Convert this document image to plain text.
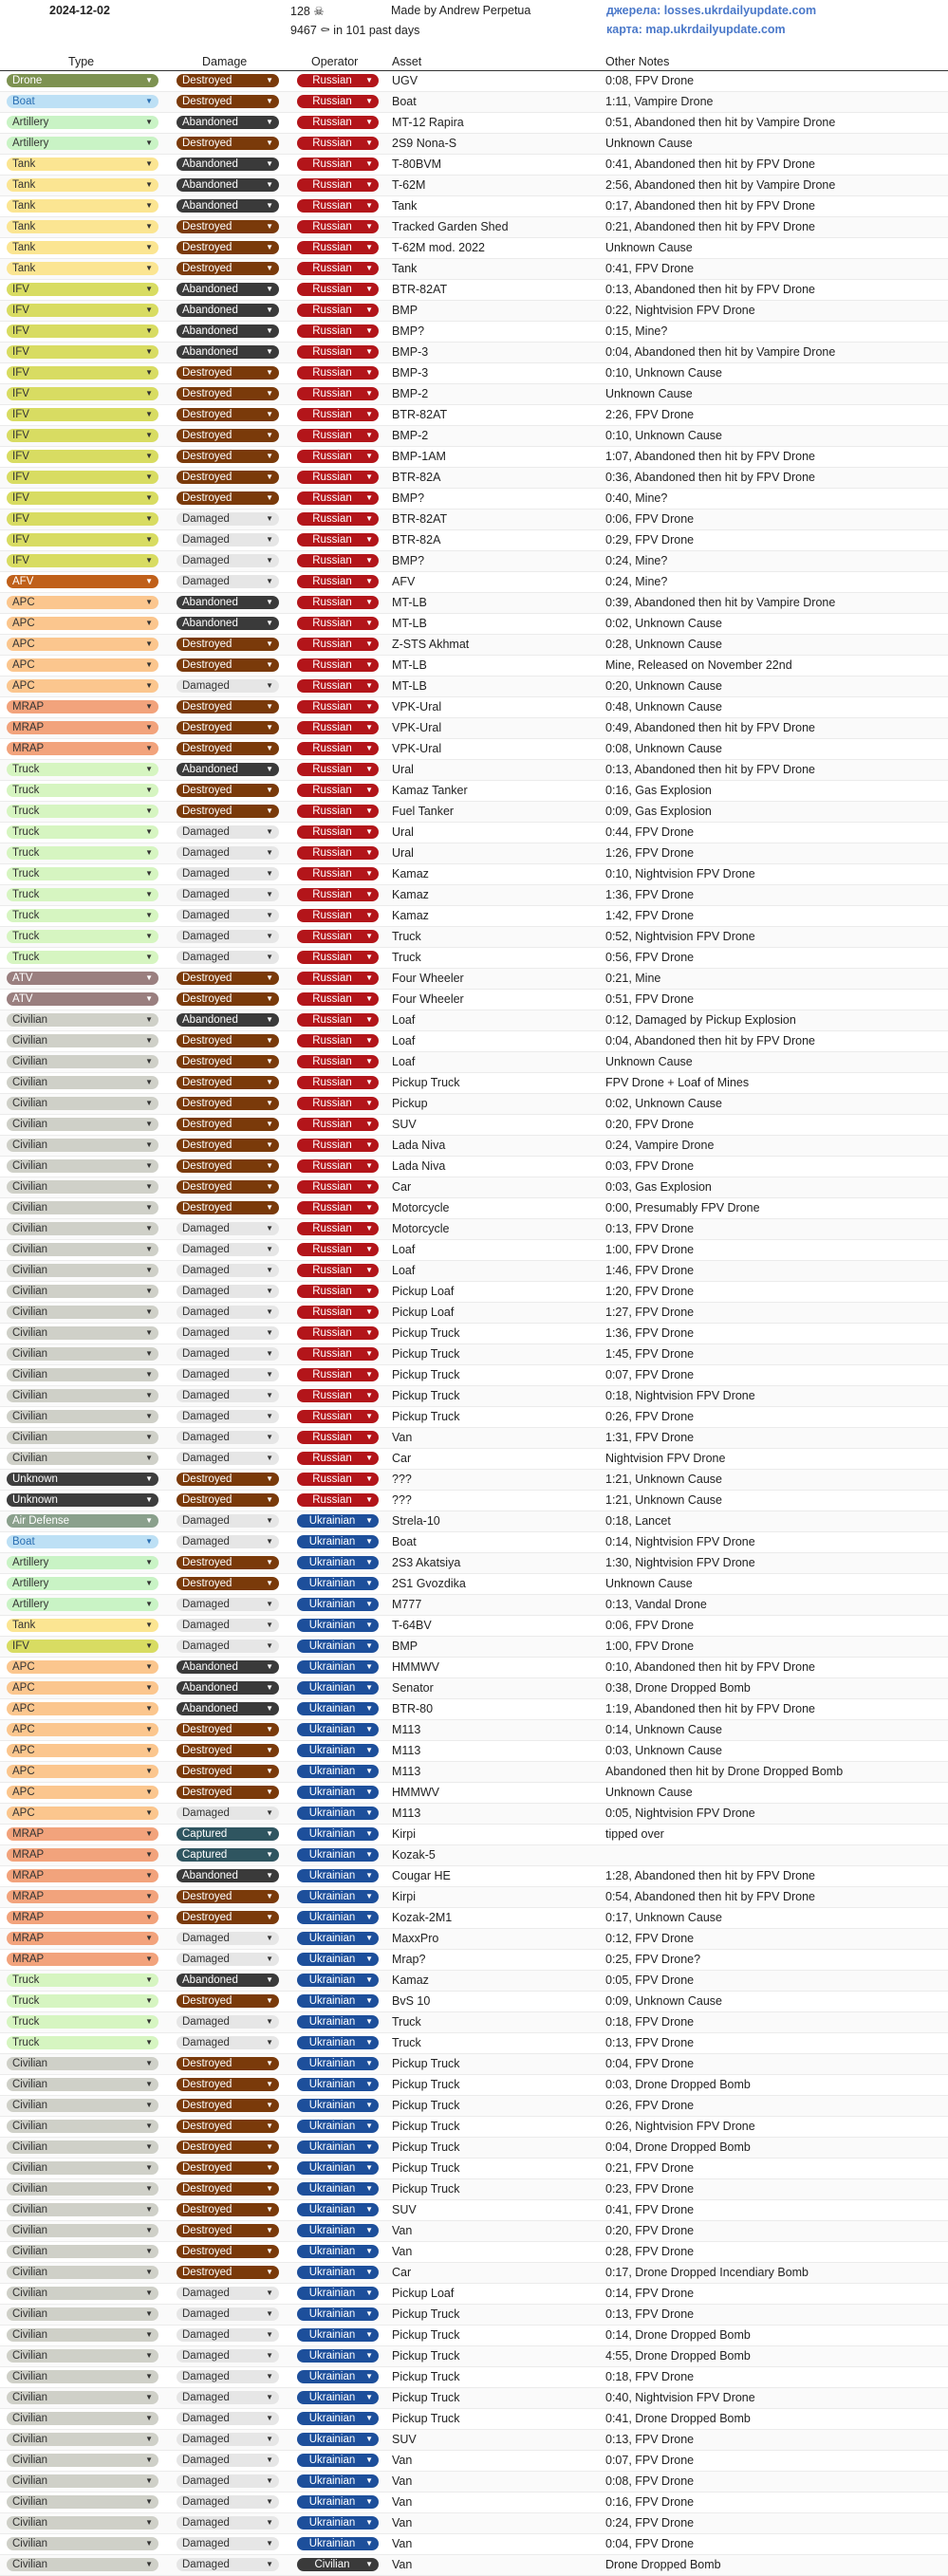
2024-12-02	128 ☠
9467 ⚰ in 101 past days
Made by Andrew Perpetua	джерела: losses.ukrdailyupdate.com
карта: map.ukrdailyupdate.com
Type	Damage	Operator	Asset	Other Notes
Drone	▼	Destroyed	▼	Russian ▼ UGV	0:08, FPV Drone
Boat	▼	Destroyed	▼	Russian ▼ Boat	1:11, Vampire Drone
Artillery	▼	Abandoned	▼	Russian ▼ MT-12 Rapira	0:51, Abandoned then hit by Vampire Drone
Artillery	▼	Destroyed	▼	Russian ▼ 2S9 Nona-S	Unknown Cause
Tank	▼	Abandoned	▼	Russian ▼ T-80BVM	0:41, Abandoned then hit by FPV Drone
Tank	▼	Abandoned	▼	Russian ▼ T-62M	2:56, Abandoned then hit by Vampire Drone
Tank	▼	Abandoned	▼	Russian ▼ Tank	0:17, Abandoned then hit by FPV Drone
Tank	▼	Destroyed	▼	Russian ▼ Tracked Garden Shed	0:21, Abandoned then hit by FPV Drone
Tank	▼	Destroyed	▼	Russian ▼ T-62M mod. 2022	Unknown Cause
Tank	▼	Destroyed	▼	Russian ▼ Tank	0:41, FPV Drone
IFV	▼	Abandoned	▼	Russian ▼ BTR-82AT	0:13, Abandoned then hit by FPV Drone
IFV	▼	Abandoned	▼	Russian ▼ BMP	0:22, Nightvision FPV Drone
IFV	▼	Abandoned	▼	Russian ▼ BMP?	0:15, Mine?
IFV	▼	Abandoned	▼	Russian ▼ BMP-3	0:04, Abandoned then hit by Vampire Drone
IFV	▼	Destroyed	▼	Russian ▼ BMP-3	0:10, Unknown Cause
IFV	▼	Destroyed	▼	Russian ▼ BMP-2	Unknown Cause
IFV	▼	Destroyed	▼	Russian ▼ BTR-82AT	2:26, FPV Drone
IFV	▼	Destroyed	▼	Russian ▼ BMP-2	0:10, Unknown Cause
IFV	▼	Destroyed	▼	Russian ▼ BMP-1AM	1:07, Abandoned then hit by FPV Drone
IFV	▼	Destroyed	▼	Russian ▼ BTR-82A	0:36, Abandoned then hit by FPV Drone
IFV	▼	Destroyed	▼	Russian ▼ BMP?	0:40, Mine?
IFV	▼	Damaged	▼	Russian ▼ BTR-82AT	0:06, FPV Drone
IFV	▼	Damaged	▼	Russian ▼ BTR-82A	0:29, FPV Drone
IFV	▼	Damaged	▼	Russian ▼ BMP?	0:24, Mine?
AFV	▼	Damaged	▼	Russian ▼ AFV	0:24, Mine?
APC	▼	Abandoned	▼	Russian ▼ MT-LB	0:39, Abandoned then hit by Vampire Drone
APC	▼	Abandoned	▼	Russian ▼ MT-LB	0:02, Unknown Cause
APC	▼	Destroyed	▼	Russian ▼ Z-STS Akhmat	0:28, Unknown Cause
APC	▼	Destroyed	▼	Russian ▼ MT-LB	Mine, Released on November 22nd
APC	▼	Damaged	▼	Russian ▼ MT-LB	0:20, Unknown Cause
MRAP	▼	Destroyed	▼	Russian ▼ VPK-Ural	0:48, Unknown Cause
MRAP	▼	Destroyed	▼	Russian ▼ VPK-Ural	0:49, Abandoned then hit by FPV Drone
MRAP	▼	Destroyed	▼	Russian ▼ VPK-Ural	0:08, Unknown Cause
Truck	▼	Abandoned	▼	Russian ▼ Ural	0:13, Abandoned then hit by FPV Drone
Truck	▼	Destroyed	▼	Russian ▼ Kamaz Tanker	0:16, Gas Explosion
Truck	▼	Destroyed	▼	Russian ▼ Fuel Tanker	0:09, Gas Explosion
Truck	▼	Damaged	▼	Russian ▼ Ural	0:44, FPV Drone
Truck	▼	Damaged	▼	Russian ▼ Ural	1:26, FPV Drone
Truck	▼	Damaged	▼	Russian ▼ Kamaz	0:10, Nightvision FPV Drone
Truck	▼	Damaged	▼	Russian ▼ Kamaz	1:36, FPV Drone
Truck	▼	Damaged	▼	Russian ▼ Kamaz	1:42, FPV Drone
Truck	▼	Damaged	▼	Russian ▼ Truck	0:52, Nightvision FPV Drone
Truck	▼	Damaged	▼	Russian ▼ Truck	0:56, FPV Drone
ATV	▼	Destroyed	▼	Russian ▼ Four Wheeler	0:21, Mine
ATV	▼	Destroyed	▼	Russian ▼ Four Wheeler	0:51, FPV Drone
Civilian	▼	Abandoned	▼	Russian ▼ Loaf	0:12, Damaged by Pickup Explosion
Civilian	▼	Destroyed	▼	Russian ▼ Loaf	0:04, Abandoned then hit by FPV Drone
Civilian	▼	Destroyed	▼	Russian ▼ Loaf	Unknown Cause
Civilian	▼	Destroyed	▼	Russian ▼ Pickup Truck	FPV Drone + Loaf of Mines
Civilian	▼	Destroyed	▼	Russian ▼ Pickup	0:02, Unknown Cause
Civilian	▼	Destroyed	▼	Russian ▼ SUV	0:20, FPV Drone
Civilian	▼	Destroyed	▼	Russian ▼ Lada Niva	0:24, Vampire Drone
Civilian	▼	Destroyed	▼	Russian ▼ Lada Niva	0:03, FPV Drone
Civilian	▼	Destroyed	▼	Russian ▼ Car	0:03, Gas Explosion
Civilian	▼	Destroyed	▼	Russian ▼ Motorcycle	0:00, Presumably FPV Drone
Civilian	▼	Damaged	▼	Russian ▼ Motorcycle	0:13, FPV Drone
Civilian	▼	Damaged	▼	Russian ▼ Loaf	1:00, FPV Drone
Civilian	▼	Damaged	▼	Russian ▼ Loaf	1:46, FPV Drone
Civilian	▼	Damaged	▼	Russian ▼ Pickup Loaf	1:20, FPV Drone
Civilian	▼	Damaged	▼	Russian ▼ Pickup Loaf	1:27, FPV Drone
Civilian	▼	Damaged	▼	Russian ▼ Pickup Truck	1:36, FPV Drone
Civilian	▼	Damaged	▼	Russian ▼ Pickup Truck	1:45, FPV Drone
Civilian	▼	Damaged	▼	Russian ▼ Pickup Truck	0:07, FPV Drone
Civilian	▼	Damaged	▼	Russian ▼ Pickup Truck	0:18, Nightvision FPV Drone
Civilian	▼	Damaged	▼	Russian ▼ Pickup Truck	0:26, FPV Drone
Civilian	▼	Damaged	▼	Russian ▼ Van	1:31, FPV Drone
Civilian	▼	Damaged	▼	Russian ▼ Car	Nightvision FPV Drone
Unknown	▼	Destroyed	▼	Russian ▼ ???	1:21, Unknown Cause
Unknown	▼	Destroyed	▼	Russian ▼ ???	1:21, Unknown Cause
Air Defense	▼	Damaged	▼	Ukrainian ▼ Strela-10	0:18, Lancet
Boat	▼	Damaged	▼	Ukrainian ▼ Boat	0:14, Nightvision FPV Drone
Artillery	▼	Destroyed	▼	Ukrainian ▼ 2S3 Akatsiya	1:30, Nightvision FPV Drone
Artillery	▼	Destroyed	▼	Ukrainian ▼ 2S1 Gvozdika	Unknown Cause
Artillery	▼	Damaged	▼	Ukrainian ▼ M777	0:13, Vandal Drone
Tank	▼	Damaged	▼	Ukrainian ▼ T-64BV	0:06, FPV Drone
IFV	▼	Damaged	▼	Ukrainian ▼ BMP	1:00, FPV Drone
APC	▼	Abandoned	▼	Ukrainian ▼ HMMWV	0:10, Abandoned then hit by FPV Drone
APC	▼	Abandoned	▼	Ukrainian ▼ Senator	0:38, Drone Dropped Bomb
APC	▼	Abandoned	▼	Ukrainian ▼ BTR-80	1:19, Abandoned then hit by FPV Drone
APC	▼	Destroyed	▼	Ukrainian ▼ M113	0:14, Unknown Cause
APC	▼	Destroyed	▼	Ukrainian ▼ M113	0:03, Unknown Cause
APC	▼	Destroyed	▼	Ukrainian ▼ M113	Abandoned then hit by Drone Dropped Bomb
APC	▼	Destroyed	▼	Ukrainian ▼ HMMWV	Unknown Cause
APC	▼	Damaged	▼	Ukrainian ▼ M113	0:05, Nightvision FPV Drone
MRAP	▼	Captured	▼	Ukrainian ▼ Kirpi	tipped over
MRAP	▼	Captured	▼	Ukrainian ▼ Kozak-5
MRAP	▼	Abandoned	▼	Ukrainian ▼ Cougar HE	1:28, Abandoned then hit by FPV Drone
MRAP	▼	Destroyed	▼	Ukrainian ▼ Kirpi	0:54, Abandoned then hit by FPV Drone
MRAP	▼	Destroyed	▼	Ukrainian ▼ Kozak-2M1	0:17, Unknown Cause
MRAP	▼	Damaged	▼	Ukrainian ▼ MaxxPro	0:12, FPV Drone
MRAP	▼	Damaged	▼	Ukrainian ▼ Mrap?	0:25, FPV Drone?
Truck	▼	Abandoned	▼	Ukrainian ▼ Kamaz	0:05, FPV Drone
Truck	▼	Destroyed	▼	Ukrainian ▼ BvS 10	0:09, Unknown Cause
Truck	▼	Damaged	▼	Ukrainian ▼ Truck	0:18, FPV Drone
Truck	▼	Damaged	▼	Ukrainian ▼ Truck	0:13, FPV Drone
Civilian	▼	Destroyed	▼	Ukrainian ▼ Pickup Truck	0:04, FPV Drone
Civilian	▼	Destroyed	▼	Ukrainian ▼ Pickup Truck	0:03, Drone Dropped Bomb
Civilian	▼	Destroyed	▼	Ukrainian ▼ Pickup Truck	0:26, FPV Drone
Civilian	▼	Destroyed	▼	Ukrainian ▼ Pickup Truck	0:26, Nightvision FPV Drone
Civilian	▼	Destroyed	▼	Ukrainian ▼ Pickup Truck	0:04, Drone Dropped Bomb
Civilian	▼	Destroyed	▼	Ukrainian ▼ Pickup Truck	0:21, FPV Drone
Civilian	▼	Destroyed	▼	Ukrainian ▼ Pickup Truck	0:23, FPV Drone
Civilian	▼	Destroyed	▼	Ukrainian ▼ SUV	0:41, FPV Drone
Civilian	▼	Destroyed	▼	Ukrainian ▼ Van	0:20, FPV Drone
Civilian	▼	Destroyed	▼	Ukrainian ▼ Van	0:28, FPV Drone
Civilian	▼	Destroyed	▼	Ukrainian ▼ Car	0:17, Drone Dropped Incendiary Bomb
Civilian	▼	Damaged	▼	Ukrainian ▼ Pickup Loaf	0:14, FPV Drone
Civilian	▼	Damaged	▼	Ukrainian ▼ Pickup Truck	0:13, FPV Drone
Civilian	▼	Damaged	▼	Ukrainian ▼ Pickup Truck	0:14, Drone Dropped Bomb
Civilian	▼	Damaged	▼	Ukrainian ▼ Pickup Truck	4:55, Drone Dropped Bomb
Civilian	▼	Damaged	▼	Ukrainian ▼ Pickup Truck	0:18, FPV Drone
Civilian	▼	Damaged	▼	Ukrainian ▼ Pickup Truck	0:40, Nightvision FPV Drone
Civilian	▼	Damaged	▼	Ukrainian ▼ Pickup Truck	0:41, Drone Dropped Bomb
Civilian	▼	Damaged	▼	Ukrainian ▼ SUV	0:13, FPV Drone
Civilian	▼	Damaged	▼	Ukrainian ▼ Van	0:07, FPV Drone
Civilian	▼	Damaged	▼	Ukrainian ▼ Van	0:08, FPV Drone
Civilian	▼	Damaged	▼	Ukrainian ▼ Van	0:16, FPV Drone
Civilian	▼	Damaged	▼	Ukrainian ▼ Van	0:24, FPV Drone
Civilian	▼	Damaged	▼	Ukrainian ▼ Van	0:04, FPV Drone
Civilian	▼	Damaged	▼	Civilian ▼ Van	Drone Dropped Bomb
